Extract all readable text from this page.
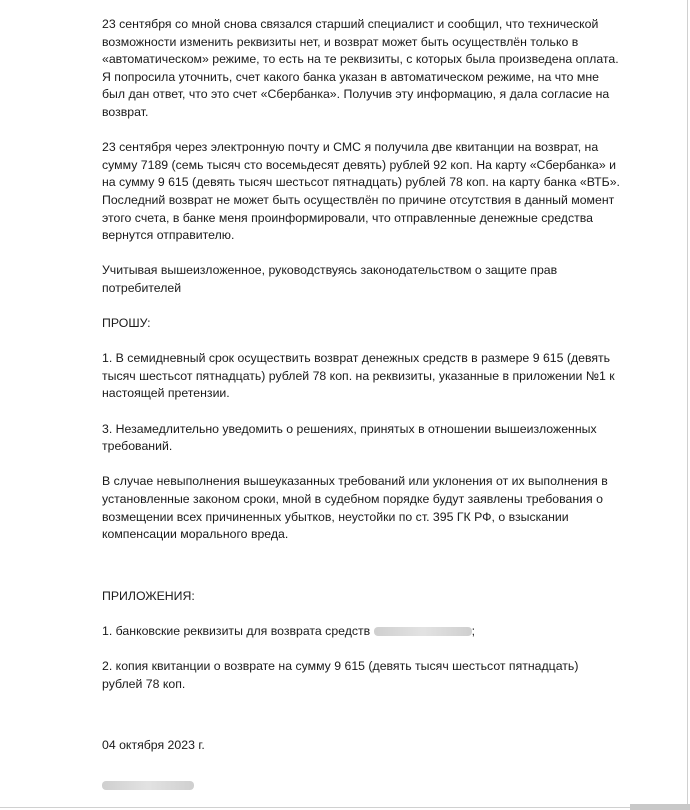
23 сентября со мной снова связался старший специалист и сообщил, что технической возможности изменить реквизиты нет, и возврат может быть осуществлён только в «автоматическом» режиме, то есть на те реквизиты, с которых была произведена оплата. Я попросила уточнить, счет какого банка указан в автоматическом режиме, на что мне был дан ответ, что это счет «Сбербанка». Получив эту информацию, я дала согласие на возврат.

23 сентября через электронную почту и СМС я получила две квитанции на возврат, на сумму 7189 (семь тысяч сто восемьдесят девять) рублей 92 коп. На карту «Сбербанка» и на сумму 9 615 (девять тысяч шестьсот пятнадцать) рублей 78 коп. на карту банка «ВТБ». Последний возврат не может быть осуществлён по причине отсутствия в данный момент этого счета, в банке меня проинформировали, что отправленные денежные средства вернутся отправителю.

Учитывая вышеизложенное, руководствуясь законодательством о защите прав потребителей

ПРОШУ:

1. В семидневный срок осуществить возврат денежных средств в размере 9 615 (девять тысяч шестьсот пятнадцать) рублей 78 коп. на реквизиты, указанные в приложении №1 к настоящей претензии.

3. Незамедлительно уведомить о решениях, принятых в отношении вышеизложенных требований.

В случае невыполнения вышеуказанных требований или уклонения от их выполнения в установленные законом сроки, мной в судебном порядке будут заявлены требования о возмещении всех причиненных убытков, неустойки по ст. 395 ГК РФ, о взыскании компенсации морального вреда.

ПРИЛОЖЕНИЯ:

1. банковские реквизиты для возврата средств	;

2. копия квитанции о возврате на сумму 9 615 (девять тысяч шестьсот пятнадцать) рублей 78 коп.

04 октября 2023 г.
